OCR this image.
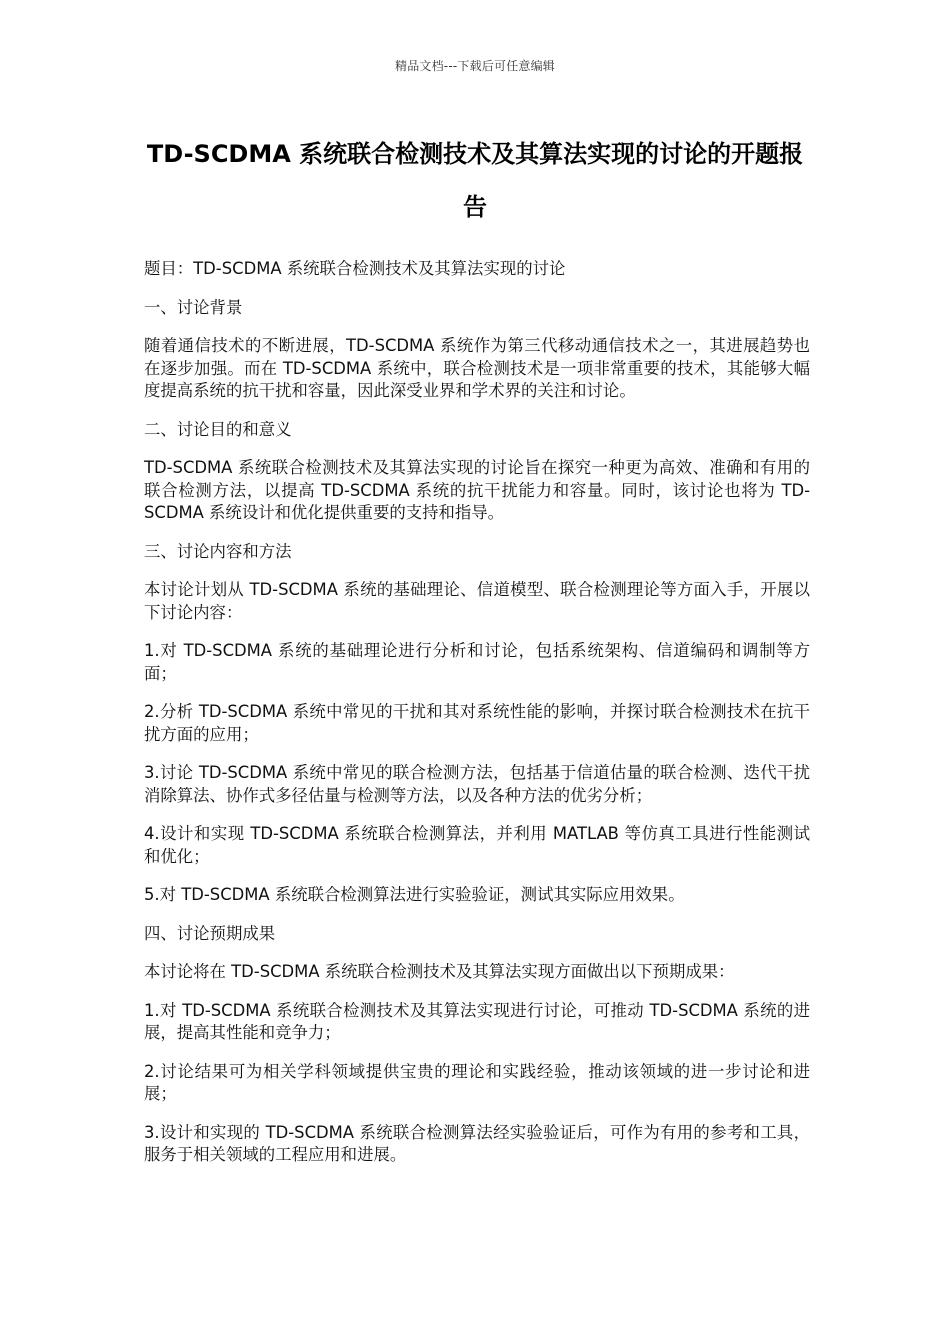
精品文档---下载后可任意编辑
TD-SCDMA 系统联合检测技术及其算法实现的讨论的开题报告

题目：TD-SCDMA 系统联合检测技术及其算法实现的讨论

一、讨论背景

随着通信技术的不断进展，TD-SCDMA 系统作为第三代移动通信技术之一，其进展趋势也在逐步加强。而在 TD-SCDMA 系统中，联合检测技术是一项非常重要的技术，其能够大幅度提高系统的抗干扰和容量，因此深受业界和学术界的关注和讨论。

二、讨论目的和意义

TD-SCDMA 系统联合检测技术及其算法实现的讨论旨在探究一种更为高效、准确和有用的联合检测方法，以提高 TD-SCDMA 系统的抗干扰能力和容量。同时，该讨论也将为 TD-SCDMA 系统设计和优化提供重要的支持和指导。

三、讨论内容和方法

本讨论计划从 TD-SCDMA 系统的基础理论、信道模型、联合检测理论等方面入手，开展以下讨论内容：

1.对 TD-SCDMA 系统的基础理论进行分析和讨论，包括系统架构、信道编码和调制等方面；

2.分析 TD-SCDMA 系统中常见的干扰和其对系统性能的影响，并探讨联合检测技术在抗干扰方面的应用；

3.讨论 TD-SCDMA 系统中常见的联合检测方法，包括基于信道估量的联合检测、迭代干扰消除算法、协作式多径估量与检测等方法，以及各种方法的优劣分析；

4.设计和实现 TD-SCDMA 系统联合检测算法，并利用 MATLAB 等仿真工具进行性能测试和优化；

5.对 TD-SCDMA 系统联合检测算法进行实验验证，测试其实际应用效果。

四、讨论预期成果

本讨论将在 TD-SCDMA 系统联合检测技术及其算法实现方面做出以下预期成果：

1.对 TD-SCDMA 系统联合检测技术及其算法实现进行讨论，可推动 TD-SCDMA 系统的进展，提高其性能和竞争力；

2.讨论结果可为相关学科领域提供宝贵的理论和实践经验，推动该领域的进一步讨论和进展；

3.设计和实现的 TD-SCDMA 系统联合检测算法经实验验证后，可作为有用的参考和工具，服务于相关领域的工程应用和进展。
